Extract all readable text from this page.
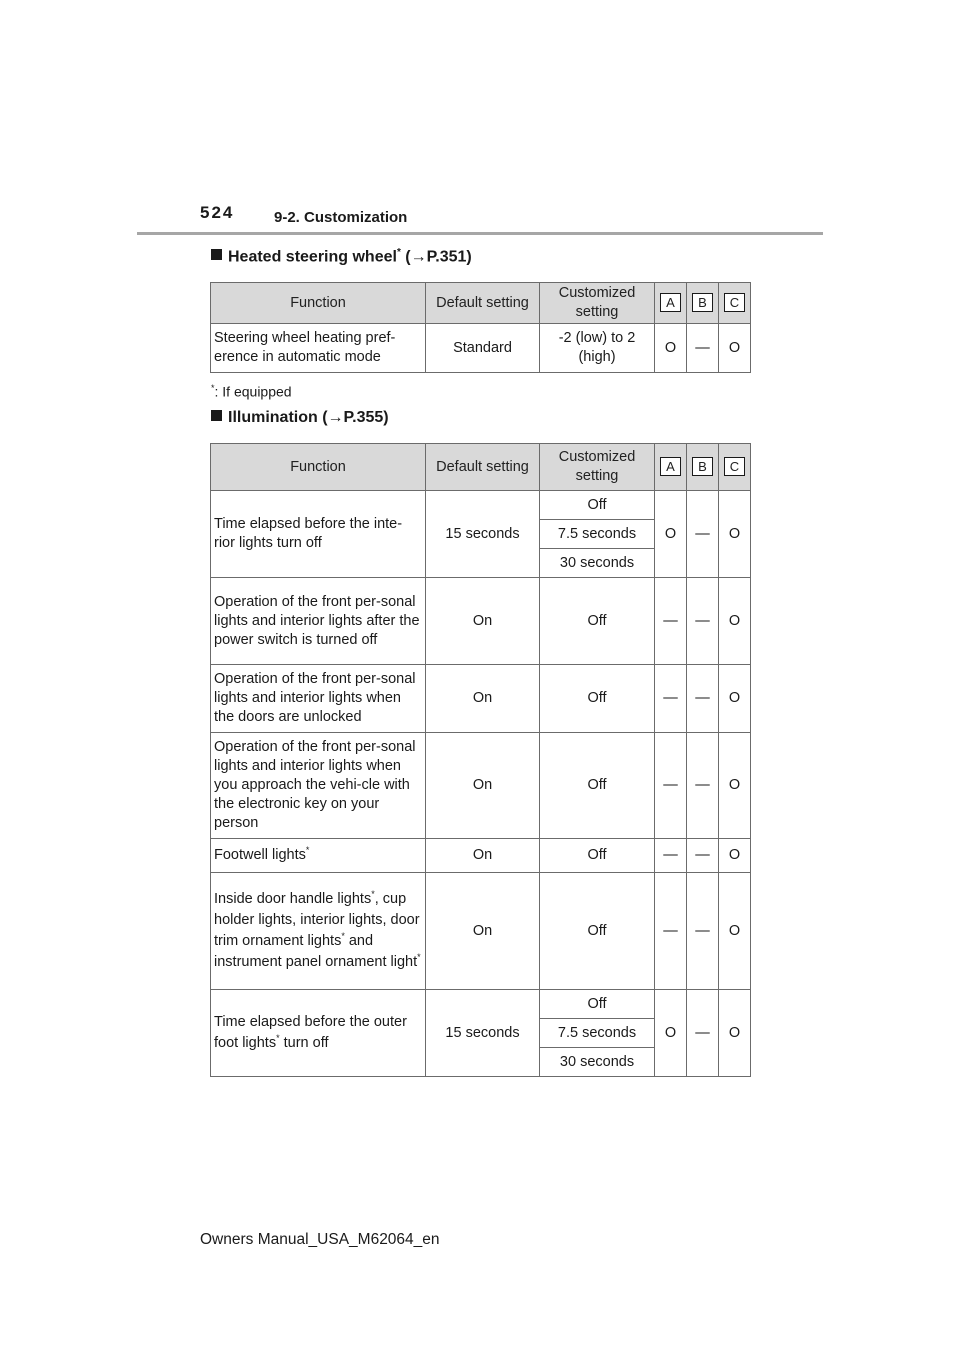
524	9-2. Customization
Heated steering wheel* (→P.351)
Function	Default setting	Customized setting	A	B	C
Steering wheel heating pref-erence in automatic mode	Standard	-2 (low) to 2 (high)	O	—	O
*: If equipped
Illumination (→P.355)
Function	Default setting	Customized setting	A	B	C
Time elapsed before the inte-rior lights turn off	15 seconds	Off	O	—	O
		7.5 seconds			
		30 seconds			
Operation of the front per-sonal lights and interior lights after the power switch is turned off	On	Off	—	—	O
Operation of the front per-sonal lights and interior lights when the doors are unlocked	On	Off	—	—	O
Operation of the front per-sonal lights and interior lights when you approach the vehi-cle with the electronic key on your person	On	Off	—	—	O
Footwell lights*	On	Off	—	—	O
Inside door handle lights*, cup holder lights, interior lights, door trim ornament lights* and instrument panel ornament light*	On	Off	—	—	O
Time elapsed before the outer foot lights* turn off	15 seconds	Off	O	—	O
		7.5 seconds			
		30 seconds			
Owners Manual_USA_M62064_en
